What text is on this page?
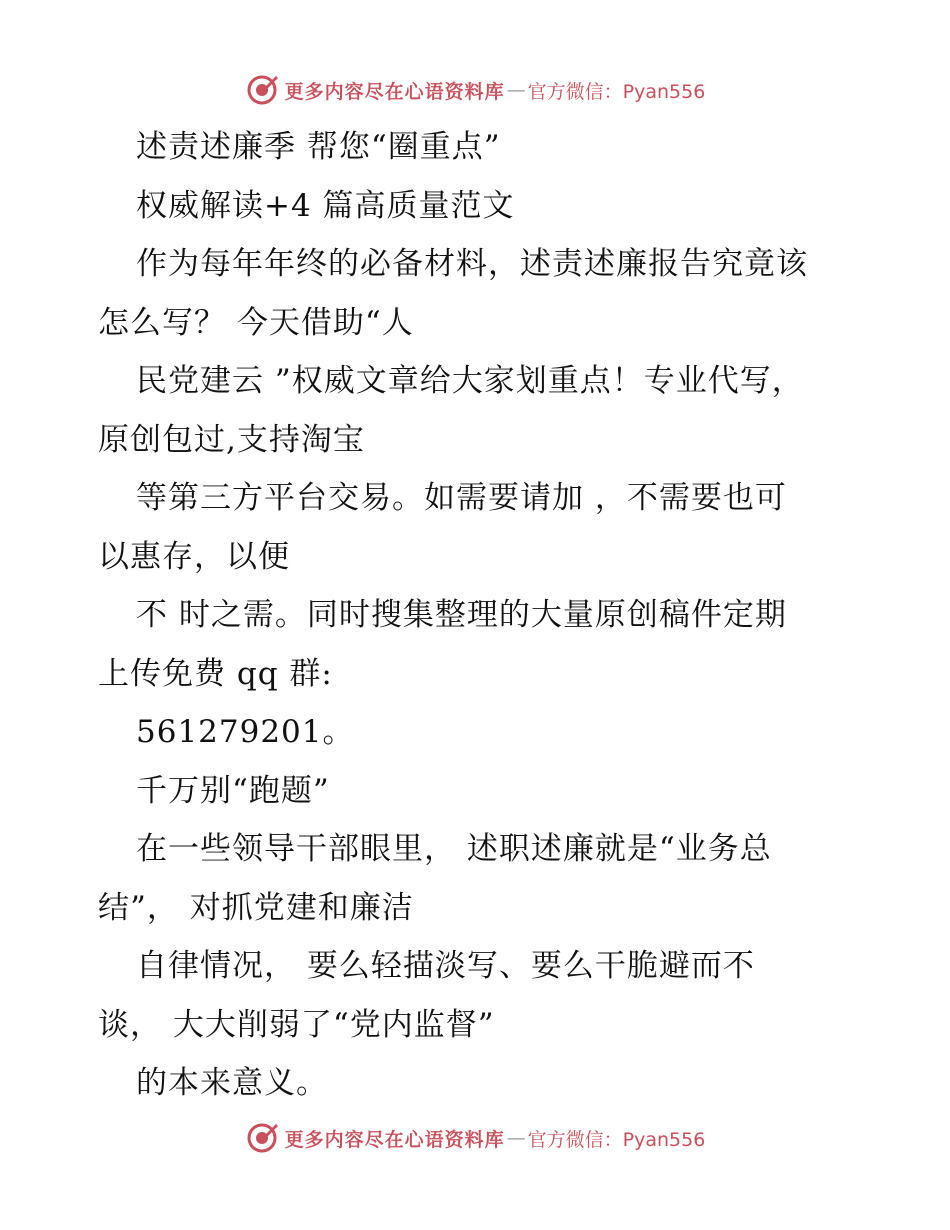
更多内容尽在心语资料库 — 官方微信：Pyan556
述责述廉季 帮您“圈重点”
权威解读+4 篇高质量范文
作为每年年终的必备材料，述责述廉报告究竟该
怎么写？ 今天借助“人
民党建云 ”权威文章给大家划重点！专业代写，
原创包过,支持淘宝
等第三方平台交易。如需要请加 ，不需要也可
以惠存，以便
不 时之需。同时搜集整理的大量原创稿件定期
上传免费 qq 群:
561279201。
千万别“跑题”
在一些领导干部眼里， 述职述廉就是“业务总
结”， 对抓党建和廉洁
自律情况， 要么轻描淡写、要么干脆避而不
谈， 大大削弱了“党内监督”
的本来意义。
更多内容尽在心语资料库 — 官方微信：Pyan556
